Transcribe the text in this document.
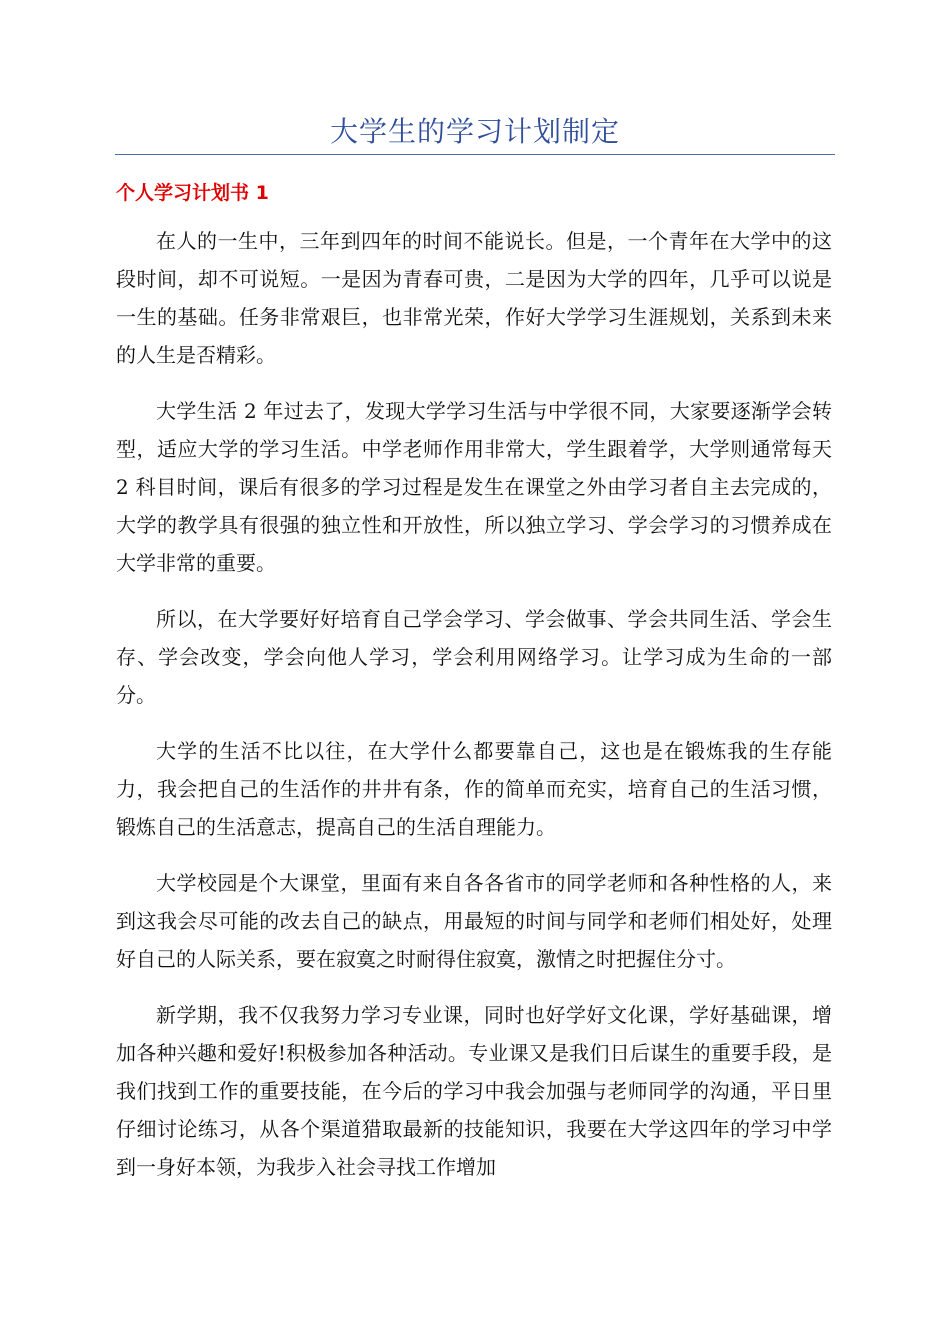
大学生的学习计划制定
个人学习计划书 1

在人的一生中，三年到四年的时间不能说长。但是，一个青年在大学中的这段时间，却不可说短。一是因为青春可贵，二是因为大学的四年，几乎可以说是一生的基础。任务非常艰巨，也非常光荣，作好大学学习生涯规划，关系到未来的人生是否精彩。

大学生活 2 年过去了，发现大学学习生活与中学很不同，大家要逐渐学会转型，适应大学的学习生活。中学老师作用非常大，学生跟着学，大学则通常每天 2 科目时间，课后有很多的学习过程是发生在课堂之外由学习者自主去完成的，大学的教学具有很强的独立性和开放性，所以独立学习、学会学习的习惯养成在大学非常的重要。

所以，在大学要好好培育自己学会学习、学会做事、学会共同生活、学会生存、学会改变，学会向他人学习，学会利用网络学习。让学习成为生命的一部分。

大学的生活不比以往，在大学什么都要靠自己，这也是在锻炼我的生存能力，我会把自己的生活作的井井有条，作的简单而充实，培育自己的生活习惯，锻炼自己的生活意志，提高自己的生活自理能力。

大学校园是个大课堂，里面有来自各各省市的同学老师和各种性格的人，来到这我会尽可能的改去自己的缺点，用最短的时间与同学和老师们相处好，处理好自己的人际关系，要在寂寞之时耐得住寂寞，激情之时把握住分寸。

新学期，我不仅我努力学习专业课，同时也好学好文化课，学好基础课，增加各种兴趣和爱好!积极参加各种活动。专业课又是我们日后谋生的重要手段，是我们找到工作的重要技能，在今后的学习中我会加强与老师同学的沟通，平日里仔细讨论练习，从各个渠道猎取最新的技能知识，我要在大学这四年的学习中学到一身好本领，为我步入社会寻找工作增加
